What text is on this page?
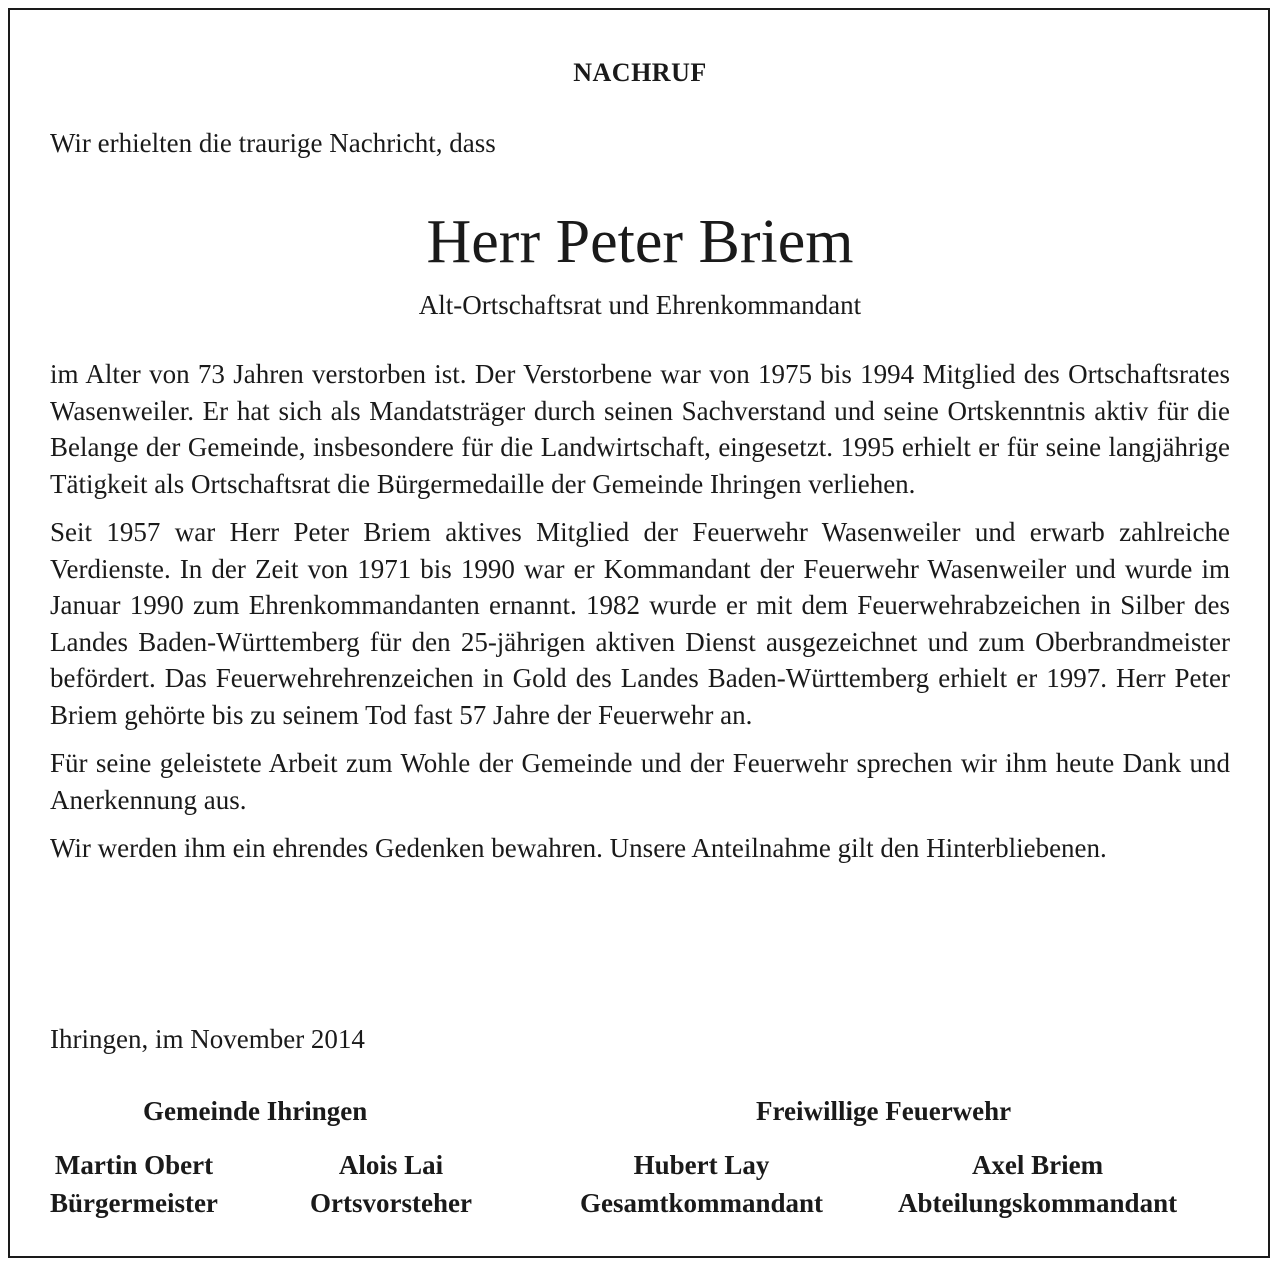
NACHRUF
Wir erhielten die traurige Nachricht, dass
Herr Peter Briem
Alt-Ortschaftsrat und Ehrenkommandant

im Alter von 73 Jahren verstorben ist. Der Verstorbene war von 1975 bis 1994 Mitglied des Ortschaftsrates Wasenweiler. Er hat sich als Mandatsträger durch seinen Sachverstand und seine Ortskenntnis aktiv für die Belange der Gemeinde, insbesondere für die Landwirtschaft, eingesetzt. 1995 erhielt er für seine langjährige Tätigkeit als Ortschaftsrat die Bürgermedaille der Gemeinde Ihringen verliehen.

Seit 1957 war Herr Peter Briem aktives Mitglied der Feuerwehr Wasenweiler und erwarb zahlreiche Verdienste. In der Zeit von 1971 bis 1990 war er Kommandant der Feuerwehr Wasenweiler und wurde im Januar 1990 zum Ehrenkommandanten ernannt. 1982 wurde er mit dem Feuerwehrabzeichen in Silber des Landes Baden-Württemberg für den 25-jährigen aktiven Dienst ausgezeichnet und zum Oberbrandmeister befördert. Das Feuerwehrehrenzeichen in Gold des Landes Baden-Württemberg erhielt er 1997. Herr Peter Briem gehörte bis zu seinem Tod fast 57 Jahre der Feuerwehr an.

Für seine geleistete Arbeit zum Wohle der Gemeinde und der Feuerwehr sprechen wir ihm heute Dank und Anerkennung aus.

Wir werden ihm ein ehrendes Gedenken bewahren. Unsere Anteilnahme gilt den Hinterbliebenen.

Ihringen, im November 2014
Gemeinde Ihringen	Freiwillige Feuerwehr
Martin Obert
Bürgermeister
Alois Lai
Ortsvorsteher
Hubert Lay
Gesamtkommandant
Axel Briem
Abteilungskommandant
